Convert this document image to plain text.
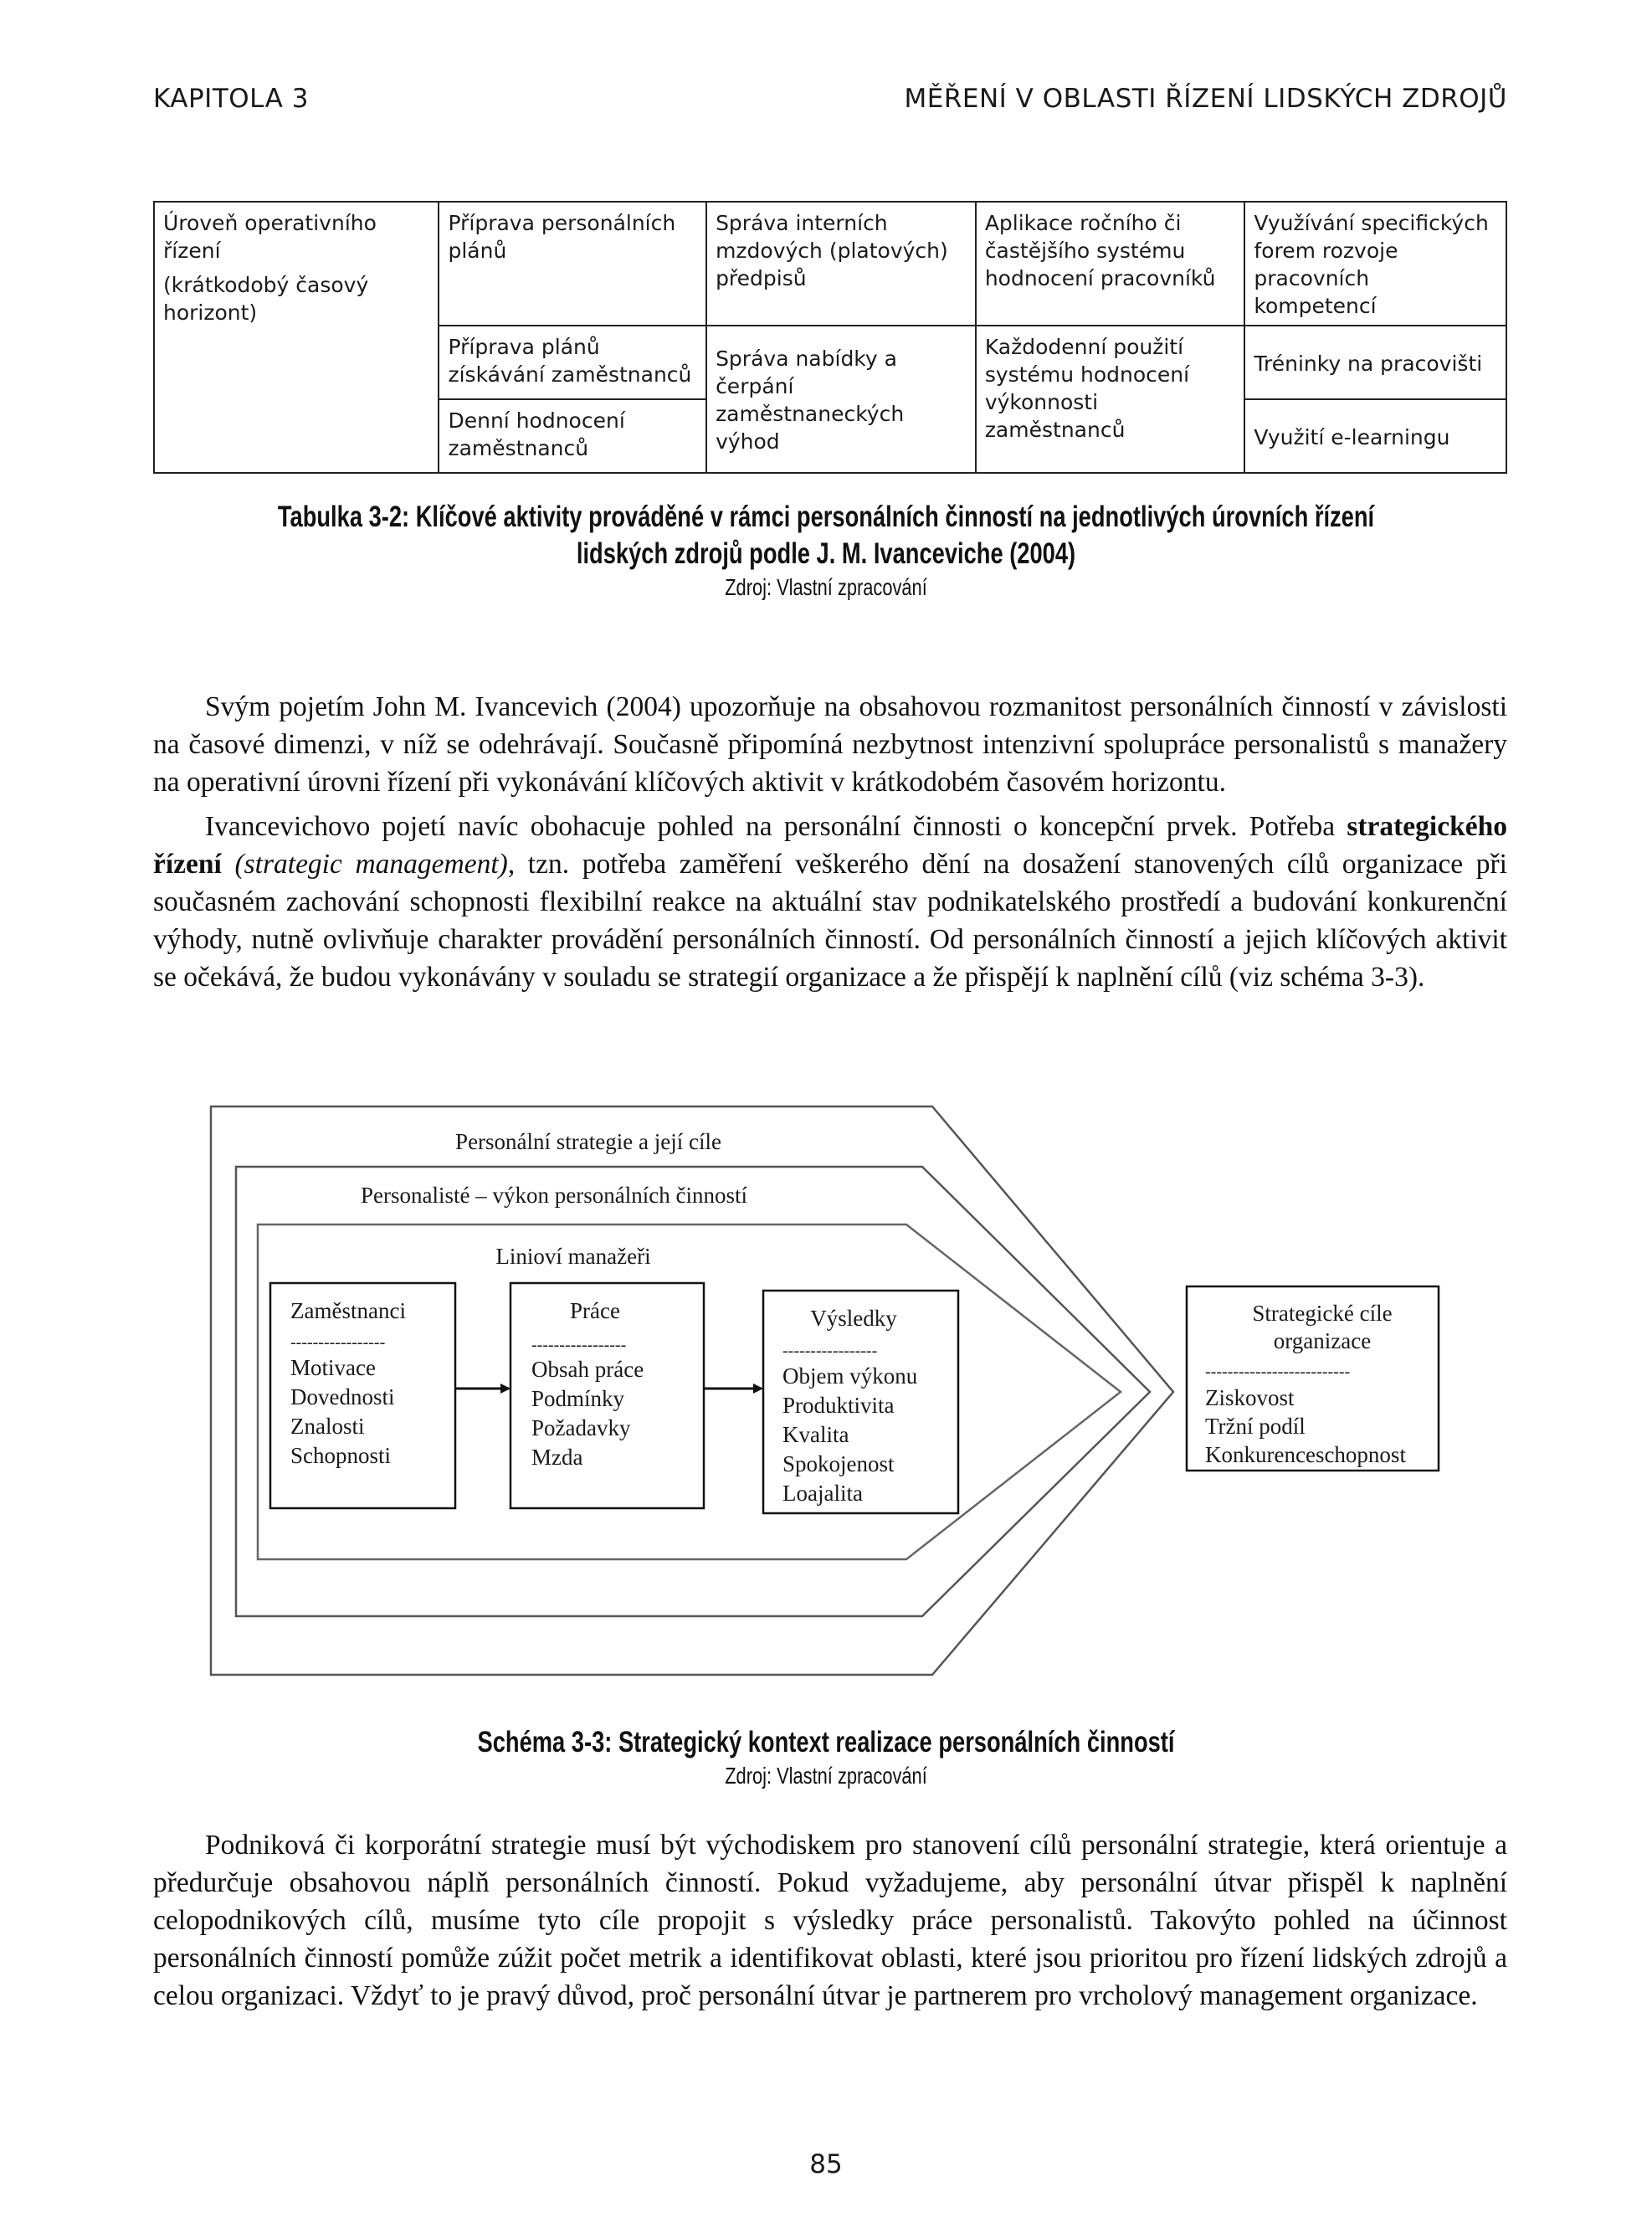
KAPITOLA 3	MĚŘENÍ V OBLASTI ŘÍZENÍ LIDSKÝCH ZDROJŮ
Úroveň operativního řízení
(krátkodobý časový horizont)	Příprava personálních plánů	Správa interních mzdových (platových) předpisů	Aplikace ročního či častějšího systému hodnocení pracovníků	Využívání specifických forem rozvoje pracovních kompetencí
	Příprava plánů získávání zaměstnanců	Správa nabídky a čerpání zaměstnaneckých výhod	Každodenní použití systému hodnocení výkonnosti zaměstnanců	Tréninky na pracovišti
	Denní hodnocení zaměstnanců			Využití e-learningu
Tabulka 3-2: Klíčové aktivity prováděné v rámci personálních činností na jednotlivých úrovních řízení
lidských zdrojů podle J. M. Ivanceviche (2004)
Zdroj: Vlastní zpracování

Svým pojetím John M. Ivancevich (2004) upozorňuje na obsahovou rozmanitost personálních činností v závislosti na časové dimenzi, v níž se odehrávají. Současně připomíná nezbytnost intenzivní spolupráce personalistů s manažery na operativní úrovni řízení při vykonávání klíčových aktivit v krátkodobém časovém horizontu.

Ivancevichovo pojetí navíc obohacuje pohled na personální činnosti o koncepční prvek. Potřeba strategického řízení (strategic management), tzn. potřeba zaměření veškerého dění na dosažení stanovených cílů organizace při současném zachování schopnosti flexibilní reakce na aktuální stav podnikatelského prostředí a budování konkurenční výhody, nutně ovlivňuje charakter provádění personálních činností. Od personálních činností a jejich klíčových aktivit se očekává, že budou vykonávány v souladu se strategií organizace a že přispějí k naplnění cílů (viz schéma 3-3).

Personální strategie a její cíle
Personalisté – výkon personálních činností
Linioví manažeři
Zaměstnanci
-----------------
Motivace
Dovednosti
Znalosti
Schopnosti
Práce
-----------------
Obsah práce
Podmínky
Požadavky
Mzda
Výsledky
-----------------
Objem výkonu
Produktivita
Kvalita
Spokojenost
Loajalita
Strategické cíle
organizace
--------------------------
Ziskovost
Tržní podíl
Konkurenceschopnost
Schéma 3-3: Strategický kontext realizace personálních činností
Zdroj: Vlastní zpracování

Podniková či korporátní strategie musí být východiskem pro stanovení cílů personální strategie, která orientuje a předurčuje obsahovou náplň personálních činností. Pokud vyžadujeme, aby personální útvar přispěl k naplnění celopodnikových cílů, musíme tyto cíle propojit s výsledky práce personalistů. Takovýto pohled na účinnost personálních činností pomůže zúžit počet metrik a identifikovat oblasti, které jsou prioritou pro řízení lidských zdrojů a celou organizaci. Vždyť to je pravý důvod, proč personální útvar je partnerem pro vrcholový management organizace.

85
